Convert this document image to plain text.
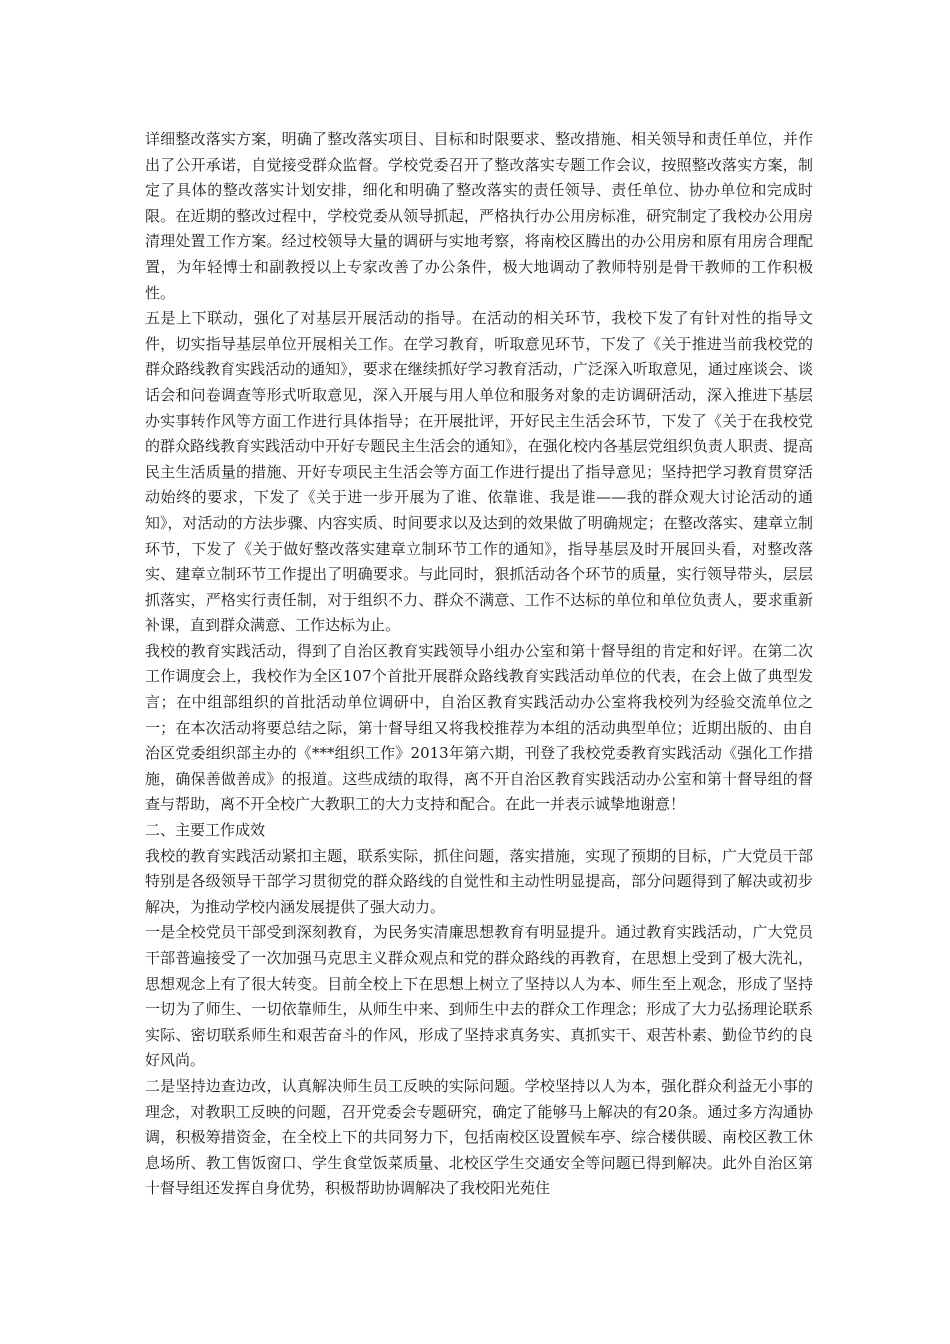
详细整改落实方案，明确了整改落实项目、目标和时限要求、整改措施、相关领导和责任单位，并作出了公开承诺，自觉接受群众监督。学校党委召开了整改落实专题工作会议，按照整改落实方案，制定了具体的整改落实计划安排，细化和明确了整改落实的责任领导、责任单位、协办单位和完成时限。在近期的整改过程中，学校党委从领导抓起，严格执行办公用房标准，研究制定了我校办公用房清理处置工作方案。经过校领导大量的调研与实地考察，将南校区腾出的办公用房和原有用房合理配置，为年轻博士和副教授以上专家改善了办公条件，极大地调动了教师特别是骨干教师的工作积极性。

五是上下联动，强化了对基层开展活动的指导。在活动的相关环节，我校下发了有针对性的指导文件，切实指导基层单位开展相关工作。在学习教育，听取意见环节，下发了《关于推进当前我校党的群众路线教育实践活动的通知》，要求在继续抓好学习教育活动，广泛深入听取意见，通过座谈会、谈话会和问卷调查等形式听取意见，深入开展与用人单位和服务对象的走访调研活动，深入推进下基层办实事转作风等方面工作进行具体指导；在开展批评，开好民主生活会环节，下发了《关于在我校党的群众路线教育实践活动中开好专题民主生活会的通知》，在强化校内各基层党组织负责人职责、提高民主生活质量的措施、开好专项民主生活会等方面工作进行提出了指导意见；坚持把学习教育贯穿活动始终的要求，下发了《关于进一步开展为了谁、依靠谁、我是谁——我的群众观大讨论活动的通知》，对活动的方法步骤、内容实质、时间要求以及达到的效果做了明确规定；在整改落实、建章立制环节，下发了《关于做好整改落实建章立制环节工作的通知》，指导基层及时开展回头看，对整改落实、建章立制环节工作提出了明确要求。与此同时，狠抓活动各个环节的质量，实行领导带头，层层抓落实，严格实行责任制，对于组织不力、群众不满意、工作不达标的单位和单位负责人，要求重新补课，直到群众满意、工作达标为止。

我校的教育实践活动，得到了自治区教育实践领导小组办公室和第十督导组的肯定和好评。在第二次工作调度会上，我校作为全区107个首批开展群众路线教育实践活动单位的代表，在会上做了典型发言；在中组部组织的首批活动单位调研中，自治区教育实践活动办公室将我校列为经验交流单位之一；在本次活动将要总结之际，第十督导组又将我校推荐为本组的活动典型单位；近期出版的、由自治区党委组织部主办的《***组织工作》2013年第六期，刊登了我校党委教育实践活动《强化工作措施，确保善做善成》的报道。这些成绩的取得，离不开自治区教育实践活动办公室和第十督导组的督查与帮助，离不开全校广大教职工的大力支持和配合。在此一并表示诚挚地谢意！

二、主要工作成效

我校的教育实践活动紧扣主题，联系实际，抓住问题，落实措施，实现了预期的目标，广大党员干部特别是各级领导干部学习贯彻党的群众路线的自觉性和主动性明显提高，部分问题得到了解决或初步解决，为推动学校内涵发展提供了强大动力。

一是全校党员干部受到深刻教育，为民务实清廉思想教育有明显提升。通过教育实践活动，广大党员干部普遍接受了一次加强马克思主义群众观点和党的群众路线的再教育，在思想上受到了极大洗礼，思想观念上有了很大转变。目前全校上下在思想上树立了坚持以人为本、师生至上观念，形成了坚持一切为了师生、一切依靠师生，从师生中来、到师生中去的群众工作理念；形成了大力弘扬理论联系实际、密切联系师生和艰苦奋斗的作风，形成了坚持求真务实、真抓实干、艰苦朴素、勤俭节约的良好风尚。

二是坚持边查边改，认真解决师生员工反映的实际问题。学校坚持以人为本，强化群众利益无小事的理念，对教职工反映的问题，召开党委会专题研究，确定了能够马上解决的有20条。通过多方沟通协调，积极筹措资金，在全校上下的共同努力下，包括南校区设置候车亭、综合楼供暖、南校区教工休息场所、教工售饭窗口、学生食堂饭菜质量、北校区学生交通安全等问题已得到解决。此外自治区第十督导组还发挥自身优势，积极帮助协调解决了我校阳光苑住
